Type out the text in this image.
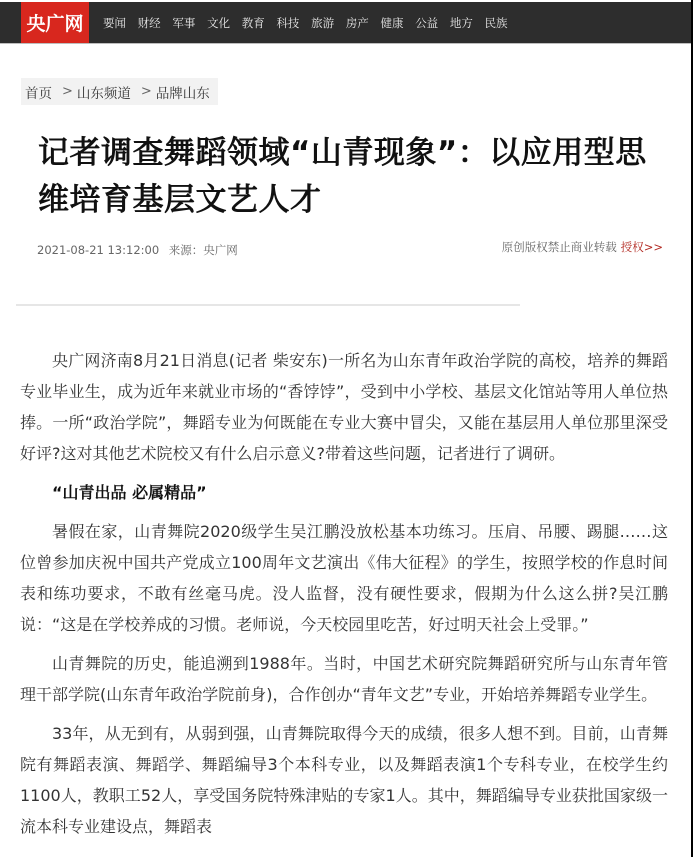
央广网	要闻 财经 军事 文化 教育 科技 旅游 房产 健康 公益 地方 民族
首页 > 山东频道 > 品牌山东
记者调查舞蹈领域“山青现象”：以应用型思维培育基层文艺人才
2021-08-21 13:12:00 来源：央广网	原创版权禁止商业转载 授权>>

央广网济南8月21日消息(记者 柴安东)一所名为山东青年政治学院的高校，培养的舞蹈专业毕业生，成为近年来就业市场的“香饽饽”，受到中小学校、基层文化馆站等用人单位热捧。一所“政治学院”，舞蹈专业为何既能在专业大赛中冒尖，又能在基层用人单位那里深受好评?这对其他艺术院校又有什么启示意义?带着这些问题，记者进行了调研。

“山青出品 必属精品”

暑假在家，山青舞院2020级学生吴江鹏没放松基本功练习。压肩、吊腰、踢腿……这位曾参加庆祝中国共产党成立100周年文艺演出《伟大征程》的学生，按照学校的作息时间表和练功要求，不敢有丝毫马虎。没人监督，没有硬性要求，假期为什么这么拼?吴江鹏说：“这是在学校养成的习惯。老师说，今天校园里吃苦，好过明天社会上受罪。”

山青舞院的历史，能追溯到1988年。当时，中国艺术研究院舞蹈研究所与山东青年管理干部学院(山东青年政治学院前身)，合作创办“青年文艺”专业，开始培养舞蹈专业学生。

33年，从无到有，从弱到强，山青舞院取得今天的成绩，很多人想不到。目前，山青舞院有舞蹈表演、舞蹈学、舞蹈编导3个本科专业，以及舞蹈表演1个专科专业，在校学生约1100人，教职工52人，享受国务院特殊津贴的专家1人。其中，舞蹈编导专业获批国家级一流本科专业建设点，舞蹈表
